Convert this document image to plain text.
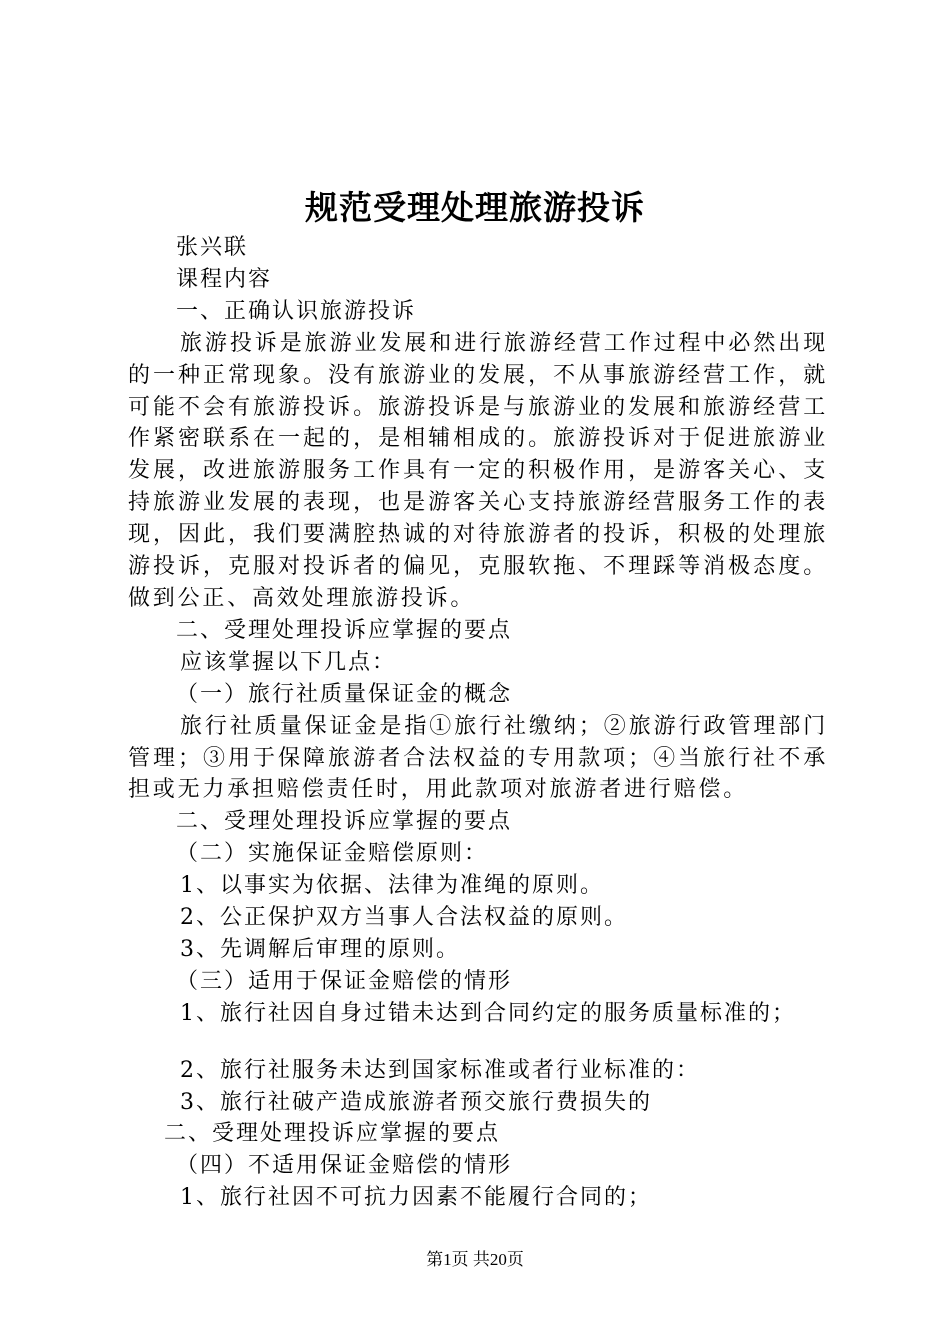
规范受理处理旅游投诉

张兴联

课程内容

一、正确认识旅游投诉

旅游投诉是旅游业发展和进行旅游经营工作过程中必然出现的一种正常现象。没有旅游业的发展，不从事旅游经营工作，就可能不会有旅游投诉。旅游投诉是与旅游业的发展和旅游经营工作紧密联系在一起的，是相辅相成的。旅游投诉对于促进旅游业发展，改进旅游服务工作具有一定的积极作用，是游客关心、支持旅游业发展的表现，也是游客关心支持旅游经营服务工作的表现，因此，我们要满腔热诚的对待旅游者的投诉，积极的处理旅游投诉，克服对投诉者的偏见，克服软拖、不理踩等消极态度。做到公正、高效处理旅游投诉。

二、受理处理投诉应掌握的要点

应该掌握以下几点：

（一）旅行社质量保证金的概念

旅行社质量保证金是指①旅行社缴纳；②旅游行政管理部门管理；③用于保障旅游者合法权益的专用款项；④当旅行社不承担或无力承担赔偿责任时，用此款项对旅游者进行赔偿。

二、受理处理投诉应掌握的要点

（二）实施保证金赔偿原则：

1、以事实为依据、法律为准绳的原则。

2、公正保护双方当事人合法权益的原则。

3、先调解后审理的原则。

（三）适用于保证金赔偿的情形

1、旅行社因自身过错未达到合同约定的服务质量标准的；

2、旅行社服务未达到国家标准或者行业标准的：

3、旅行社破产造成旅游者预交旅行费损失的

二、受理处理投诉应掌握的要点

（四）不适用保证金赔偿的情形

1、旅行社因不可抗力因素不能履行合同的；

第1页 共20页
